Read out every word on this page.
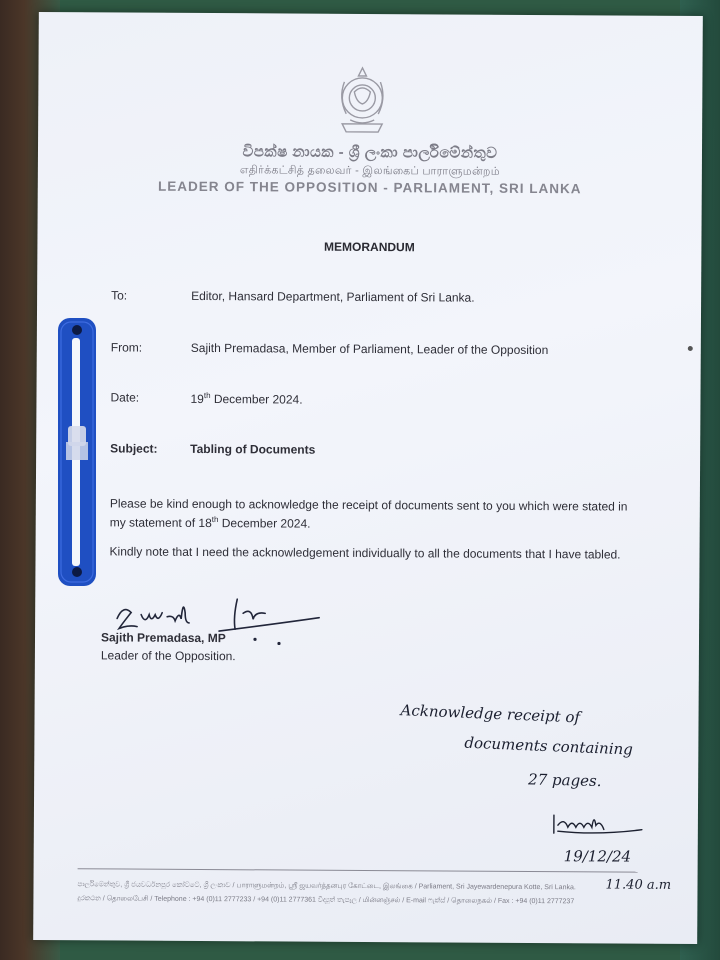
විපක්ෂ නායක - ශ්‍රී ලංකා පාර්ලිමේන්තුව
எதிர்க்கட்சித் தலைவர் - இலங்கைப் பாராளுமன்றம்
LEADER OF THE OPPOSITION - PARLIAMENT, SRI LANKA
MEMORANDUM
To:	Editor, Hansard Department, Parliament of Sri Lanka.
From:	Sajith Premadasa, Member of Parliament, Leader of the Opposition
Date:	19th December 2024.
Subject:	Tabling of Documents
Please be kind enough to acknowledge the receipt of documents sent to you which were stated in my statement of 18th December 2024.
Kindly note that I need the acknowledgement individually to all the documents that I have tabled.
Sajith Premadasa, MP
Leader of the Opposition.
Acknowledge receipt of
documents containing
27 pages.
19/12/24
11.40 a.m
පාර්ලිමේන්තුව, ශ්‍රී ජයවර්ධනපුර කෝට්ටේ, ශ්‍රී ලංකාව / பாராளுமன்றம், ஸ்ரீ ஜயவர்த்தனபுர கோட்டை, இலங்கை / Parliament, Sri Jayewardenepura Kotte, Sri Lanka.
දුරකථන / தொலைபேசி / Telephone : +94 (0)11 2777233 / +94 (0)11 2777361 විද්‍යුත් තැපෑල / மின்னஞ்சல் / E-mail ෆැක්ස් / தொலைநகல் / Fax : +94 (0)11 2777237
